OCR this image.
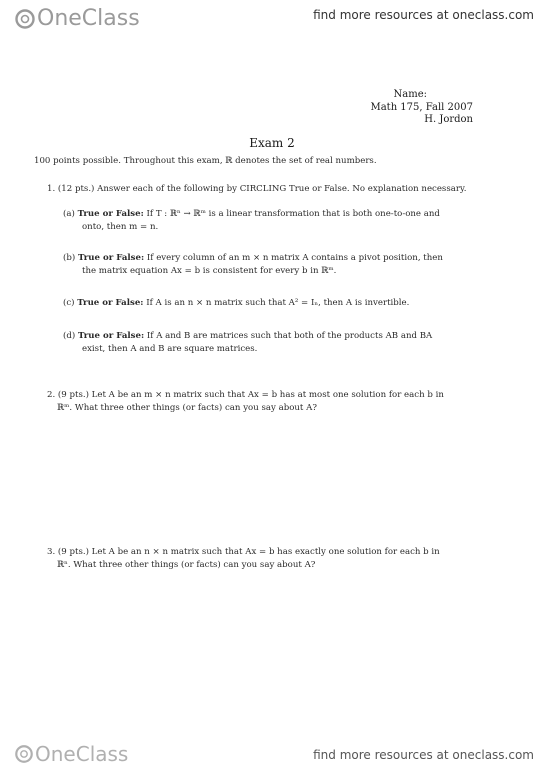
OneClass	find more resources at oneclass.com
Name:
Math 175, Fall 2007
H. Jordon
Exam 2

100 points possible. Throughout this exam, ℝ denotes the set of real numbers.

1. (12 pts.) Answer each of the following by CIRCLING True or False. No explanation necessary.

(a) True or False: If T : ℝⁿ → ℝᵐ is a linear transformation that is both one-to-one and

onto, then m = n.

(b) True or False: If every column of an m × n matrix A contains a pivot position, then

the matrix equation Ax = b is consistent for every b in ℝᵐ.

(c) True or False: If A is an n × n matrix such that A² = Iₙ, then A is invertible.

(d) True or False: If A and B are matrices such that both of the products AB and BA

exist, then A and B are square matrices.

2. (9 pts.) Let A be an m × n matrix such that Ax = b has at most one solution for each b in

ℝᵐ. What three other things (or facts) can you say about A?

3. (9 pts.) Let A be an n × n matrix such that Ax = b has exactly one solution for each b in

ℝⁿ. What three other things (or facts) can you say about A?

OneClass	find more resources at oneclass.com
